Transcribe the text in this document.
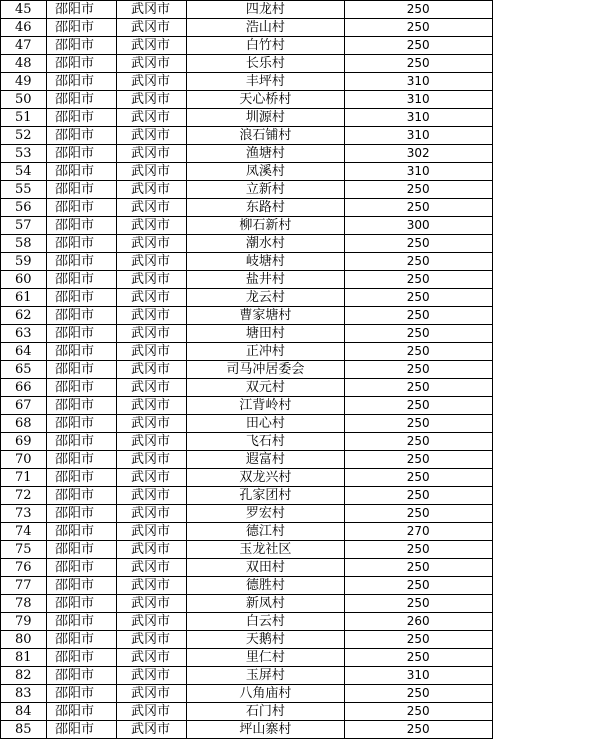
45	邵阳市	武冈市	四龙村	250	
46	邵阳市	武冈市	浩山村	250	
47	邵阳市	武冈市	白竹村	250	
48	邵阳市	武冈市	长乐村	250	
49	邵阳市	武冈市	丰坪村	310	
50	邵阳市	武冈市	天心桥村	310	
51	邵阳市	武冈市	圳源村	310	
52	邵阳市	武冈市	浪石铺村	310	
53	邵阳市	武冈市	渔塘村	302	
54	邵阳市	武冈市	凤溪村	310	
55	邵阳市	武冈市	立新村	250	
56	邵阳市	武冈市	东路村	250	
57	邵阳市	武冈市	柳石新村	300	
58	邵阳市	武冈市	潮水村	250	
59	邵阳市	武冈市	岐塘村	250	
60	邵阳市	武冈市	盐井村	250	
61	邵阳市	武冈市	龙云村	250	
62	邵阳市	武冈市	曹家塘村	250	
63	邵阳市	武冈市	塘田村	250	
64	邵阳市	武冈市	正冲村	250	
65	邵阳市	武冈市	司马冲居委会	250	
66	邵阳市	武冈市	双元村	250	
67	邵阳市	武冈市	江背岭村	250	
68	邵阳市	武冈市	田心村	250	
69	邵阳市	武冈市	飞石村	250	
70	邵阳市	武冈市	遐富村	250	
71	邵阳市	武冈市	双龙兴村	250	
72	邵阳市	武冈市	孔家团村	250	
73	邵阳市	武冈市	罗宏村	250	
74	邵阳市	武冈市	德江村	270	
75	邵阳市	武冈市	玉龙社区	250	
76	邵阳市	武冈市	双田村	250	
77	邵阳市	武冈市	德胜村	250	
78	邵阳市	武冈市	新凤村	250	
79	邵阳市	武冈市	白云村	260	
80	邵阳市	武冈市	天鹅村	250	
81	邵阳市	武冈市	里仁村	250	
82	邵阳市	武冈市	玉屏村	310	
83	邵阳市	武冈市	八角庙村	250	
84	邵阳市	武冈市	石门村	250	
85	邵阳市	武冈市	坪山寨村	250	
